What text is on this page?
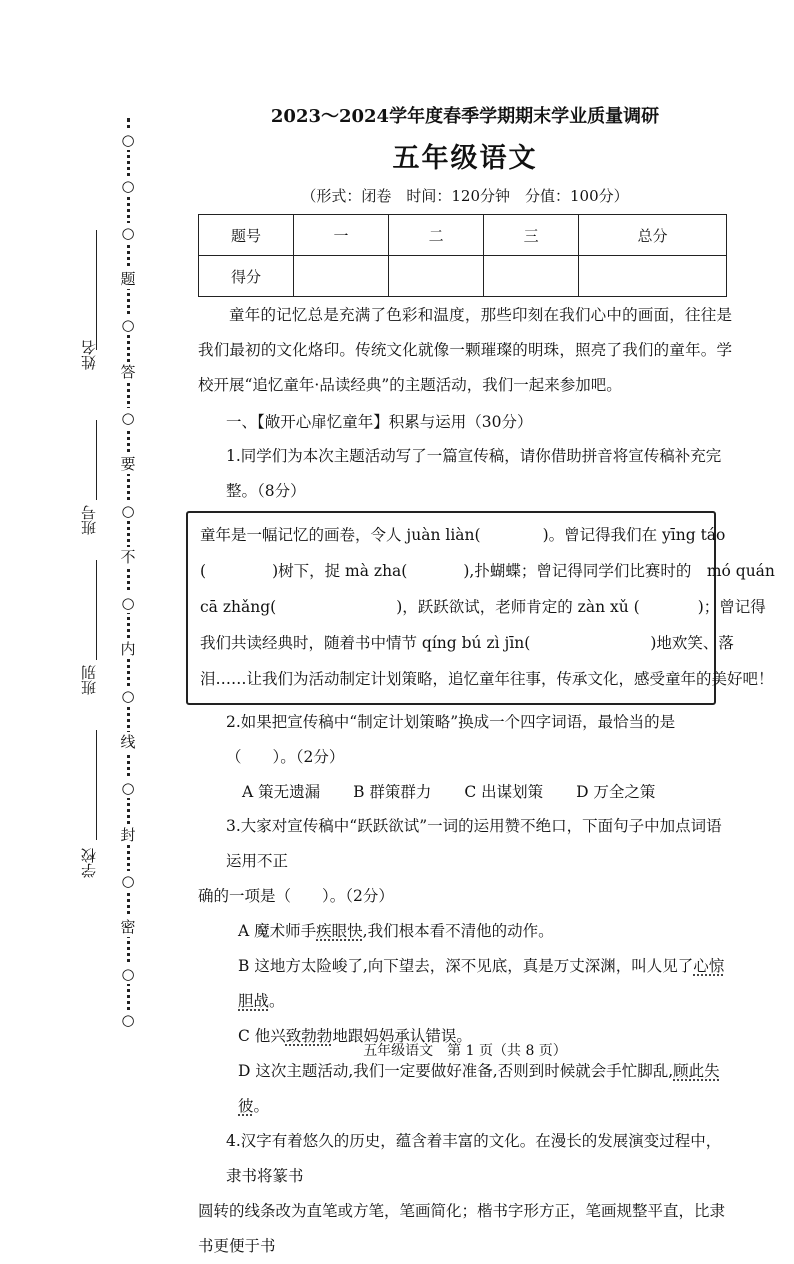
○
○
○
题
○
答
○
要
○
不
○
内
○
线
○
封
○
密
○
○
姓名
班号
班别
学校
2023～2024学年度春季学期期末学业质量调研
五年级语文
（形式：闭卷　时间：120分钟　分值：100分）
题号	一	二	三	总分
得分				
童年的记忆总是充满了色彩和温度，那些印刻在我们心中的画面，往往是我们最初的文化烙印。传统文化就像一颗璀璨的明珠，照亮了我们的童年。学校开展“追忆童年·品读经典”的主题活动，我们一起来参加吧。
一、【敞开心扉忆童年】积累与运用（30分）
1.同学们为本次主题活动写了一篇宣传稿，请你借助拼音将宣传稿补充完整。（8分）
童年是一幅记忆的画卷，令人 juàn liàn(	)。曾记得我们在 yīng táo
(	)树下，捉 mà zha(	),扑蝴蝶；曾记得同学们比赛时的　mó quán
cā zhǎng(	)，跃跃欲试，老师肯定的 zàn xǔ (	)；曾记得
我们共读经典时，随着书中情节 qíng bú zì jīn(	)地欢笑、落
泪……让我们为活动制定计划策略，追忆童年往事，传承文化，感受童年的美好吧！
2.如果把宣传稿中“制定计划策略”换成一个四字词语，最恰当的是（　　）。（2分）
A 策无遗漏 B 群策群力 C 出谋划策 D 万全之策
3.大家对宣传稿中“跃跃欲试”一词的运用赞不绝口，下面句子中加点词语运用不正
确的一项是（　　）。（2分）
A 魔术师手疾眼快,我们根本看不清他的动作。
B 这地方太险峻了,向下望去，深不见底，真是万丈深渊，叫人见了心惊胆战。
C 他兴致勃勃地跟妈妈承认错误。
D 这次主题活动,我们一定要做好准备,否则到时候就会手忙脚乱,顾此失彼。
4.汉字有着悠久的历史，蕴含着丰富的文化。在漫长的发展演变过程中，隶书将篆书
圆转的线条改为直笔或方笔，笔画简化；楷书字形方正，笔画规整平直，比隶书更便于书
五年级语文　第 1 页（共 8 页）
